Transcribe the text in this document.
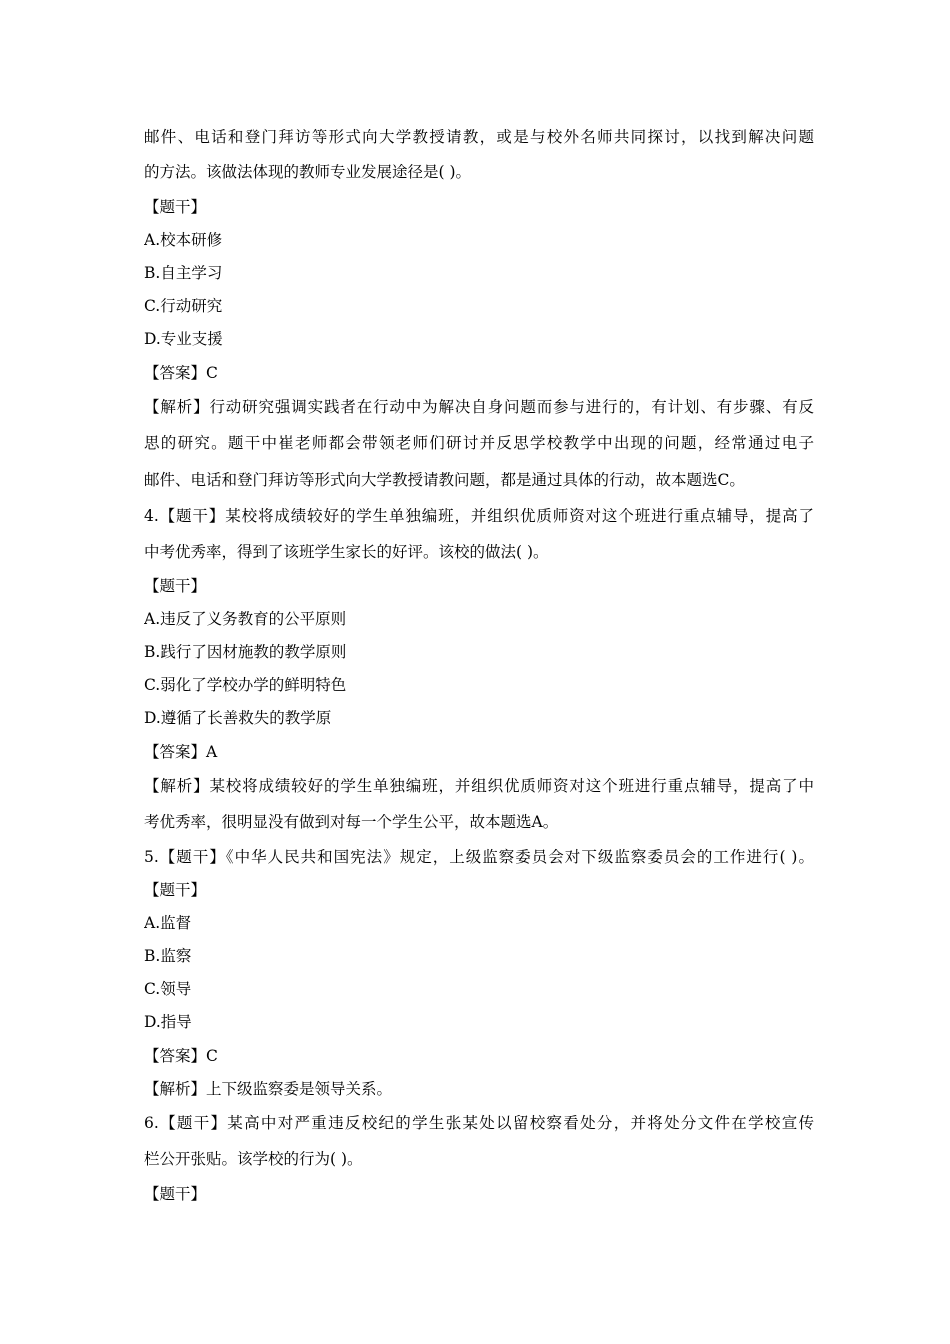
邮件、电话和登门拜访等形式向大学教授请教，或是与校外名师共同探讨，以找到解决问题
的方法。该做法体现的教师专业发展途径是( )。
【题干】
A.校本研修
B.自主学习
C.行动研究
D.专业支援
【答案】C
【解析】行动研究强调实践者在行动中为解决自身问题而参与进行的，有计划、有步骤、有反
思的研究。题干中崔老师都会带领老师们研讨并反思学校教学中出现的问题，经常通过电子
邮件、电话和登门拜访等形式向大学教授请教问题，都是通过具体的行动，故本题选C。
4.【题干】某校将成绩较好的学生单独编班，并组织优质师资对这个班进行重点辅导，提高了
中考优秀率，得到了该班学生家长的好评。该校的做法( )。
【题干】
A.违反了义务教育的公平原则
B.践行了因材施教的教学原则
C.弱化了学校办学的鲜明特色
D.遵循了长善救失的教学原
【答案】A
【解析】某校将成绩较好的学生单独编班，并组织优质师资对这个班进行重点辅导，提高了中
考优秀率，很明显没有做到对每一个学生公平，故本题选A。
5.【题干】《中华人民共和国宪法》规定，上级监察委员会对下级监察委员会的工作进行( )。
【题干】
A.监督
B.监察
C.领导
D.指导
【答案】C
【解析】上下级监察委是领导关系。
6.【题干】某高中对严重违反校纪的学生张某处以留校察看处分，并将处分文件在学校宣传
栏公开张贴。该学校的行为( )。
【题干】
